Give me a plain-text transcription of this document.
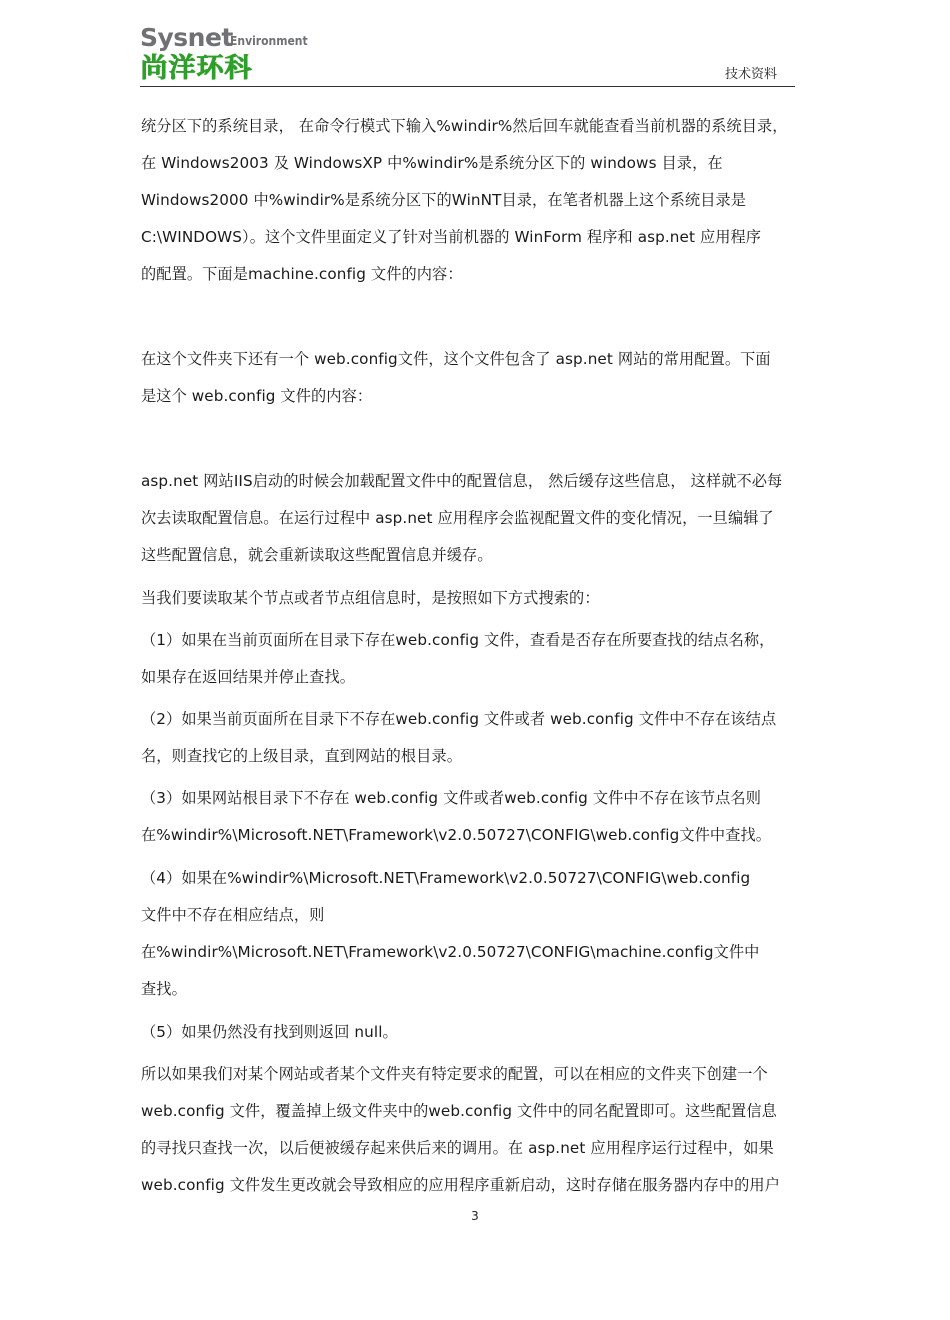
Sysnet
Environment
尚洋环科	技术资料
统分区下的系统目录， 在命令行模式下输入%windir%然后回车就能查看当前机器的系统目录，
在 Windows2003 及 WindowsXP 中%windir%是系统分区下的 windows 目录，在
Windows2000 中%windir%是系统分区下的WinNT目录，在笔者机器上这个系统目录是
C:\WINDOWS）。这个文件里面定义了针对当前机器的 WinForm 程序和 asp.net 应用程序
的配置。下面是machine.config 文件的内容：
在这个文件夹下还有一个 web.config文件，这个文件包含了 asp.net 网站的常用配置。下面
是这个 web.config 文件的内容：
asp.net 网站IIS启动的时候会加载配置文件中的配置信息， 然后缓存这些信息， 这样就不必每
次去读取配置信息。在运行过程中 asp.net 应用程序会监视配置文件的变化情况，一旦编辑了
这些配置信息，就会重新读取这些配置信息并缓存。
当我们要读取某个节点或者节点组信息时，是按照如下方式搜索的：
（1）如果在当前页面所在目录下存在web.config 文件，查看是否存在所要查找的结点名称，
如果存在返回结果并停止查找。
（2）如果当前页面所在目录下不存在web.config 文件或者 web.config 文件中不存在该结点
名，则查找它的上级目录，直到网站的根目录。
（3）如果网站根目录下不存在 web.config 文件或者web.config 文件中不存在该节点名则
在%windir%\Microsoft.NET\Framework\v2.0.50727\CONFIG\web.config文件中查找。
（4）如果在%windir%\Microsoft.NET\Framework\v2.0.50727\CONFIG\web.config
文件中不存在相应结点，则
在%windir%\Microsoft.NET\Framework\v2.0.50727\CONFIG\machine.config文件中
查找。
（5）如果仍然没有找到则返回 null。
所以如果我们对某个网站或者某个文件夹有特定要求的配置，可以在相应的文件夹下创建一个
web.config 文件，覆盖掉上级文件夹中的web.config 文件中的同名配置即可。这些配置信息
的寻找只查找一次，以后便被缓存起来供后来的调用。在 asp.net 应用程序运行过程中，如果
web.config 文件发生更改就会导致相应的应用程序重新启动，这时存储在服务器内存中的用户
3
